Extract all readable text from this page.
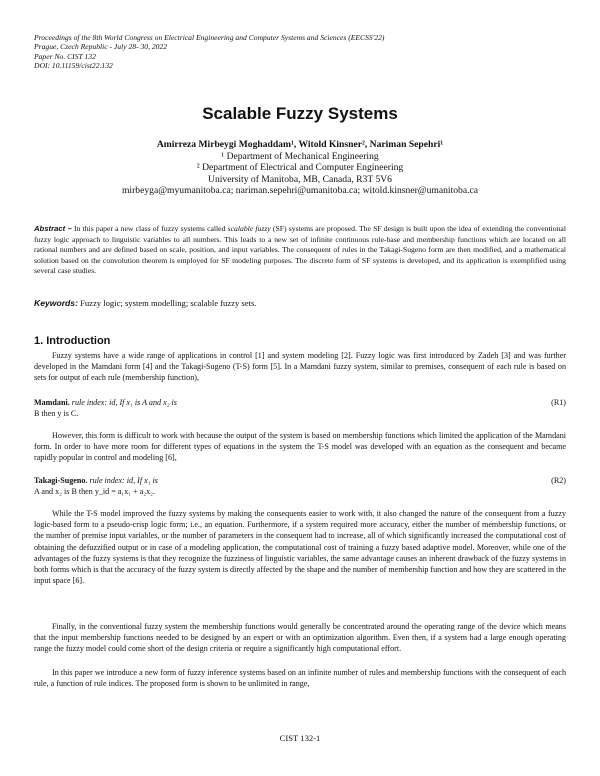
Proceedings of the 8th World Congress on Electrical Engineering and Computer Systems and Sciences (EECSS'22)
Prague, Czech Republic - July 28- 30, 2022
Paper No. CIST 132
DOI: 10.11159/cist22.132
Scalable Fuzzy Systems
Amirreza Mirbeygi Moghaddam¹, Witold Kinsner², Nariman Sepehri¹
¹ Department of Mechanical Engineering
² Department of Electrical and Computer Engineering
University of Manitoba, MB, Canada, R3T 5V6
mirbeyga@myumanitoba.ca; nariman.sepehri@umanitoba.ca; witold.kinsner@umanitoba.ca
Abstract – In this paper a new class of fuzzy systems called scalable fuzzy (SF) systems are proposed. The SF design is built upon the idea of extending the conventional fuzzy logic approach to linguistic variables to all numbers. This leads to a new set of infinite continuous rule-base and membership functions which are located on all rational numbers and are defined based on scale, position, and input variables. The consequent of rules in the Takagi-Sugeno form are then modified, and a mathematical solution based on the convolution theorem is employed for SF modeling purposes. The discrete form of SF systems is developed, and its application is exemplified using several case studies.
Keywords: Fuzzy logic; system modelling; scalable fuzzy sets.
1. Introduction
Fuzzy systems have a wide range of applications in control [1] and system modeling [2]. Fuzzy logic was first introduced by Zadeh [3] and was further developed in the Mamdani form [4] and the Takagi-Sugeno (T-S) form [5]. In a Mamdani fuzzy system, similar to premises, consequent of each rule is based on sets for output of each rule (membership function),
Mamdani. rule index: id, If x₁ is A and x₂ is
B then y is C.
(R1)
However, this form is difficult to work with because the output of the system is based on membership functions which limited the application of the Mamdani form. In order to have more room for different types of equations in the system the T-S model was developed with an equation as the consequent and became rapidly popular in control and modeling [6],
Takagi-Sugeno. rule index: id, If x₁ is
A and x₂ is B then y_id = a₁x₁ + a₂x₂.
(R2)
While the T-S model improved the fuzzy systems by making the consequents easier to work with, it also changed the nature of the consequent from a fuzzy logic-based form to a pseudo-crisp logic form; i.e., an equation. Furthermore, if a system required more accuracy, either the number of membership functions, or the number of premise input variables, or the number of parameters in the consequent had to increase, all of which significantly increased the computational cost of obtaining the defuzzified output or in case of a modeling application, the computational cost of training a fuzzy based adaptive model. Moreover, while one of the advantages of the fuzzy systems is that they recognize the fuzziness of linguistic variables, the same advantage causes an inherent drawback of the fuzzy systems in both forms which is that the accuracy of the fuzzy system is directly affected by the shape and the number of membership function and how they are scattered in the input space [6].
Finally, in the conventional fuzzy system the membership functions would generally be concentrated around the operating range of the device which means that the input membership functions needed to be designed by an expert or with an optimization algorithm. Even then, if a system had a large enough operating range the fuzzy model could come short of the design criteria or require a significantly high computational effort.
In this paper we introduce a new form of fuzzy inference systems based on an infinite number of rules and membership functions with the consequent of each rule, a function of rule indices. The proposed form is shown to be unlimited in range,
CIST 132-1
